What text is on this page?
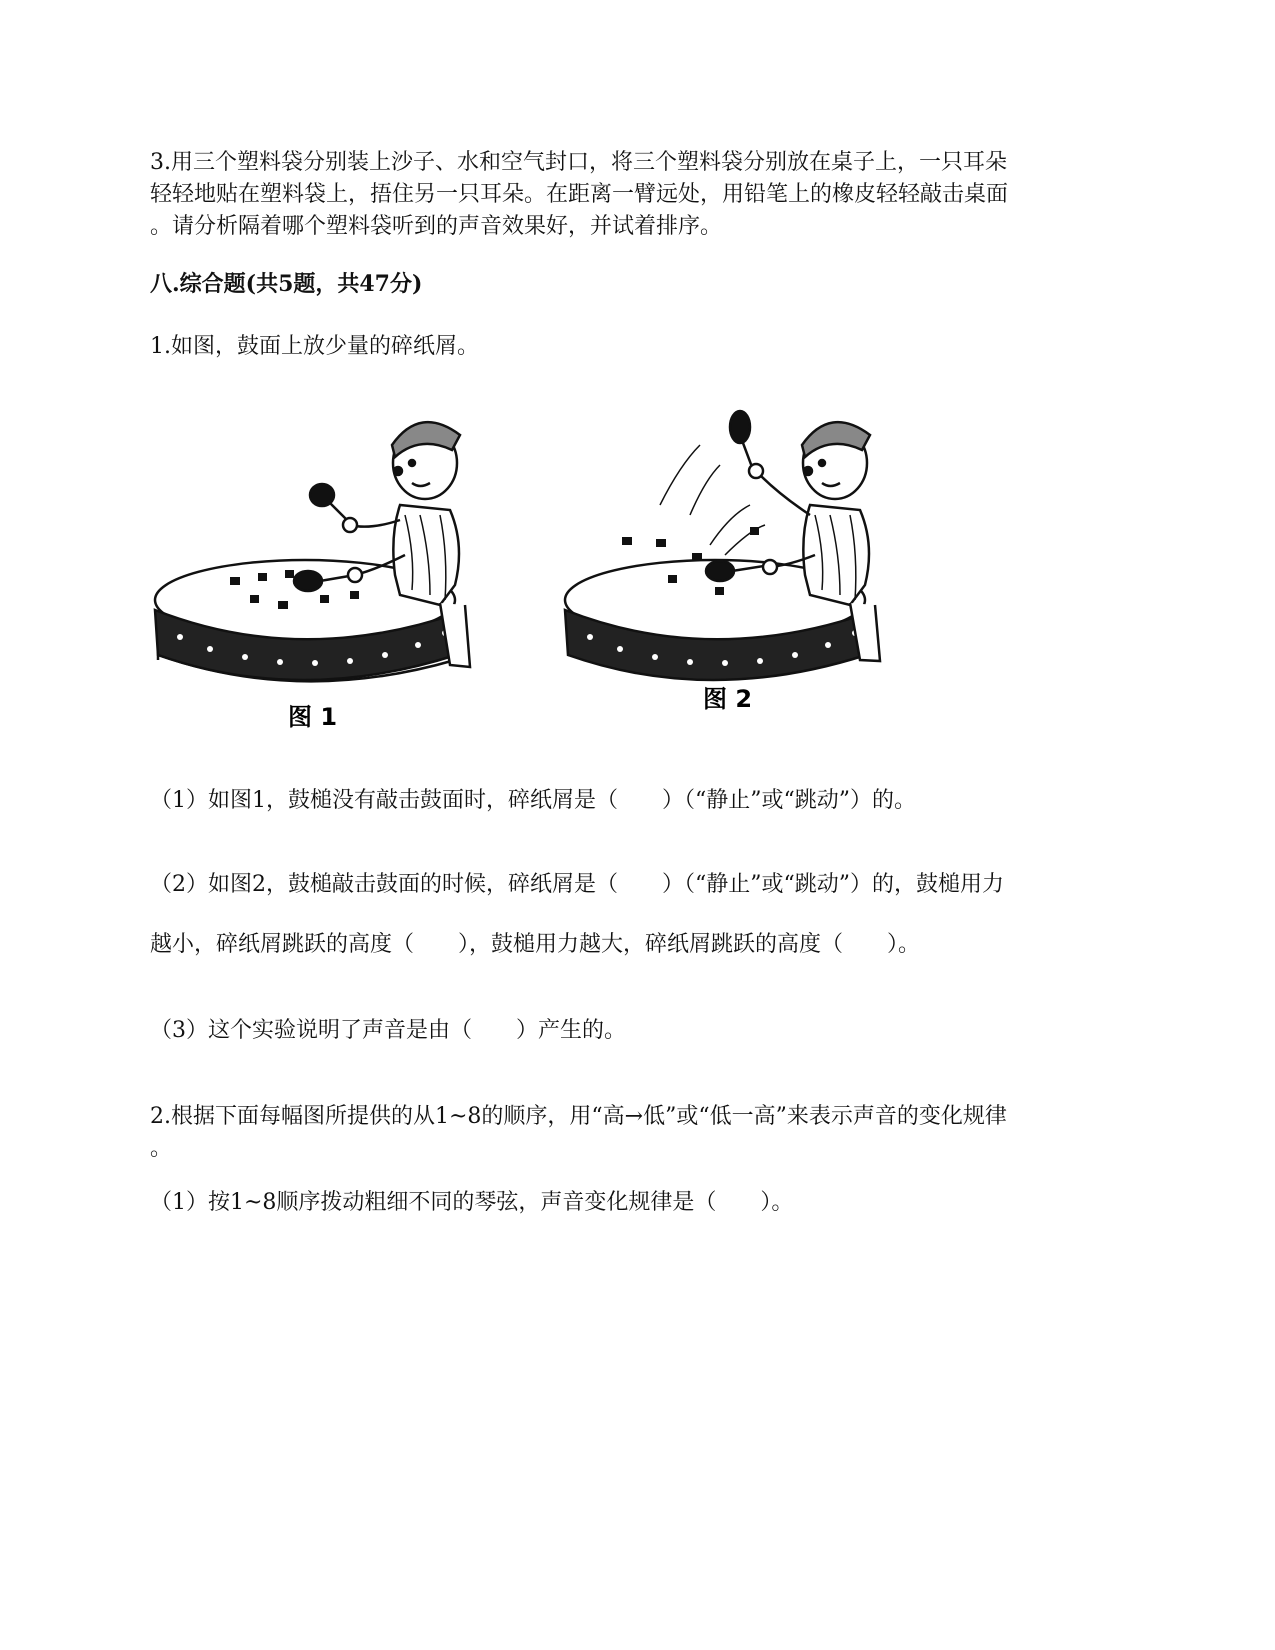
3.用三个塑料袋分别装上沙子、水和空气封口，将三个塑料袋分别放在桌子上，一只耳朵
轻轻地贴在塑料袋上，捂住另一只耳朵。在距离一臂远处，用铅笔上的橡皮轻轻敲击桌面
。请分析隔着哪个塑料袋听到的声音效果好，并试着排序。
八.综合题(共5题，共47分)
1.如图，鼓面上放少量的碎纸屑。
图 1
图 2
（1）如图1，鼓槌没有敲击鼓面时，碎纸屑是（　　）（“静止”或“跳动”）的。
（2）如图2，鼓槌敲击鼓面的时候，碎纸屑是（　　）（“静止”或“跳动”）的，鼓槌用力
越小，碎纸屑跳跃的高度（　　），鼓槌用力越大，碎纸屑跳跃的高度（　　）。
（3）这个实验说明了声音是由（　　）产生的。
2.根据下面每幅图所提供的从1~8的顺序，用“高→低”或“低一高”来表示声音的变化规律
。
（1）按1~8顺序拨动粗细不同的琴弦，声音变化规律是（　　）。
